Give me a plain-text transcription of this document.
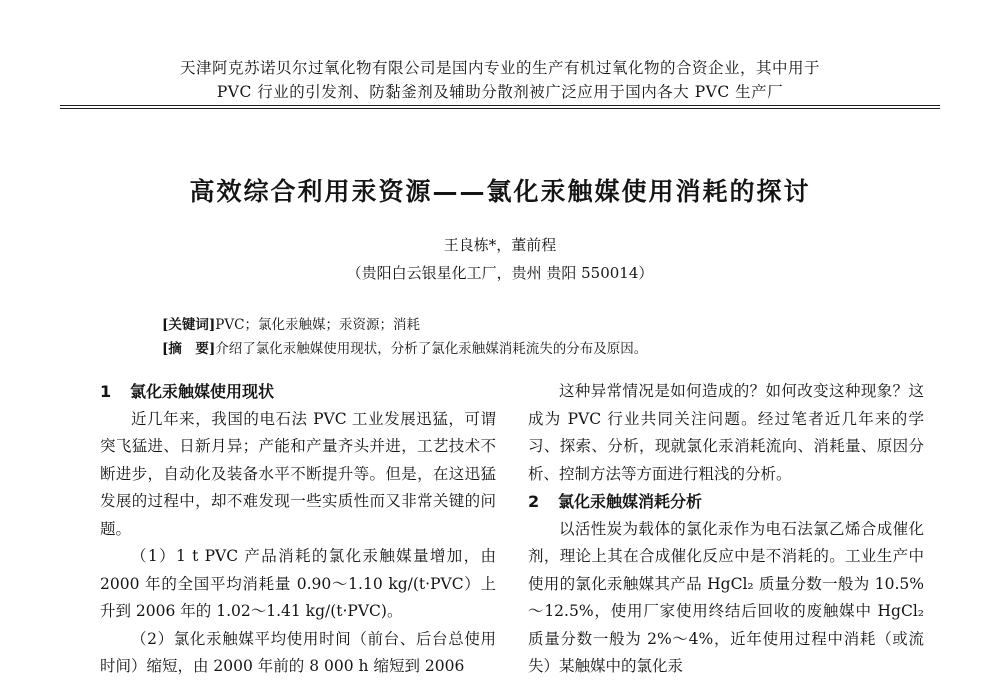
天津阿克苏诺贝尔过氧化物有限公司是国内专业的生产有机过氧化物的合资企业，其中用于
PVC 行业的引发剂、防黏釜剂及辅助分散剂被广泛应用于国内各大 PVC 生产厂
高效综合利用汞资源——氯化汞触媒使用消耗的探讨
王良栋*，董前程
（贵阳白云银星化工厂，贵州 贵阳 550014）
[关键词]PVC；氯化汞触媒；汞资源；消耗
[摘　要]介绍了氯化汞触媒使用现状，分析了氯化汞触媒消耗流失的分布及原因。

1 氯化汞触媒使用现状

近几年来，我国的电石法 PVC 工业发展迅猛，可谓突飞猛进、日新月异；产能和产量齐头并进，工艺技术不断进步，自动化及装备水平不断提升等。但是，在这迅猛发展的过程中，却不难发现一些实质性而又非常关键的问题。

（1）1 t PVC 产品消耗的氯化汞触媒量增加，由 2000 年的全国平均消耗量 0.90～1.10 kg/(t·PVC）上升到 2006 年的 1.02～1.41 kg/(t·PVC)。

（2）氯化汞触媒平均使用时间（前台、后台总使用时间）缩短，由 2000 年前的 8 000 h 缩短到 2006

这种异常情况是如何造成的？如何改变这种现象？这成为 PVC 行业共同关注问题。经过笔者近几年来的学习、探索、分析，现就氯化汞消耗流向、消耗量、原因分析、控制方法等方面进行粗浅的分析。

2 氯化汞触媒消耗分析

以活性炭为载体的氯化汞作为电石法氯乙烯合成催化剂，理论上其在合成催化反应中是不消耗的。工业生产中使用的氯化汞触媒其产品 HgCl₂ 质量分数一般为 10.5%～12.5%，使用厂家使用终结后回收的废触媒中 HgCl₂ 质量分数一般为 2%～4%，近年使用过程中消耗（或流失）某触媒中的氯化汞
